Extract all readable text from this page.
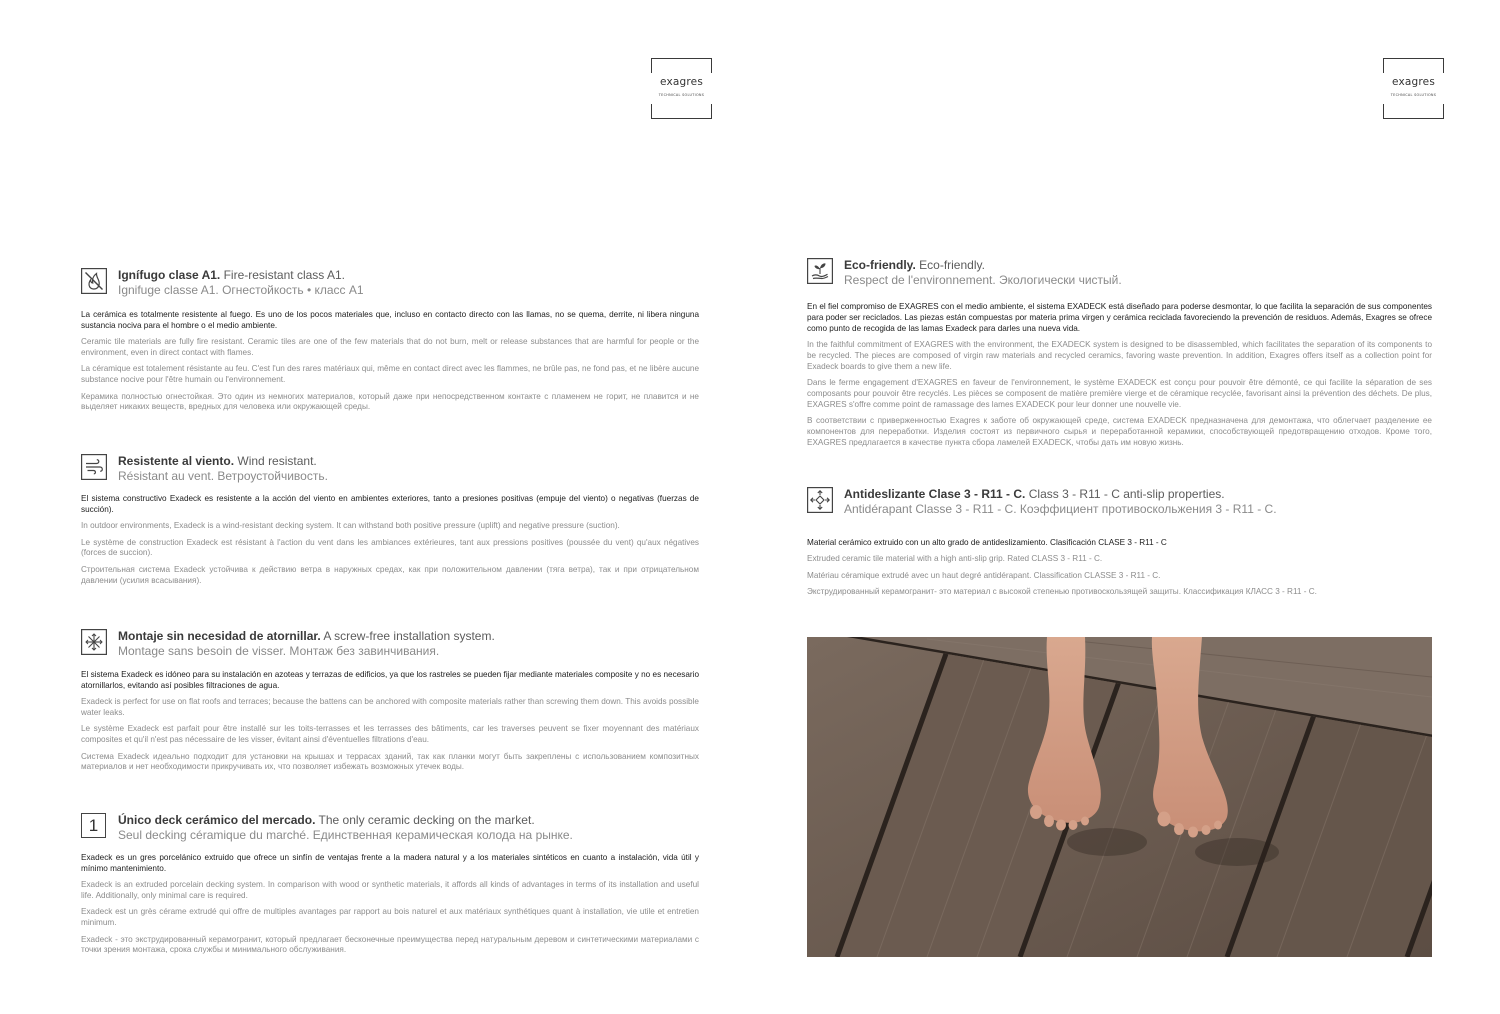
exagres
TECHNICAL SOLUTIONS
exagres
TECHNICAL SOLUTIONS
Ignífugo clase A1. Fire-resistant class A1.
Ignifuge classe A1. Огнестойкость • класс A1

La cerámica es totalmente resistente al fuego. Es uno de los pocos materiales que, incluso en contacto directo con las llamas, no se quema, derrite, ni libera ninguna sustancia nociva para el hombre o el medio ambiente.

Ceramic tile materials are fully fire resistant. Ceramic tiles are one of the few materials that do not burn, melt or release substances that are harmful for people or the environment, even in direct contact with flames.

La céramique est totalement résistante au feu. C'est l'un des rares matériaux qui, même en contact direct avec les flammes, ne brûle pas, ne fond pas, et ne libère aucune substance nocive pour l'être humain ou l'environnement.

Керамика полностью огнестойкая. Это один из немногих материалов, который даже при непосредственном контакте с пламенем не горит, не плавится и не выделяет никаких веществ, вредных для человека или окружающей среды.

Resistente al viento. Wind resistant.
Résistant au vent. Ветроустойчивость.

El sistema constructivo Exadeck es resistente a la acción del viento en ambientes exteriores, tanto a presiones positivas (empuje del viento) o negativas (fuerzas de succión).

In outdoor environments, Exadeck is a wind-resistant decking system. It can withstand both positive pressure (uplift) and negative pressure (suction).

Le système de construction Exadeck est résistant à l'action du vent dans les ambiances extérieures, tant aux pressions positives (poussée du vent) qu'aux négatives (forces de succion).

Строительная система Exadeck устойчива к действию ветра в наружных средах, как при положительном давлении (тяга ветра), так и при отрицательном давлении (усилия всасывания).

Montaje sin necesidad de atornillar. A screw-free installation system.
Montage sans besoin de visser. Монтаж без завинчивания.

El sistema Exadeck es idóneo para su instalación en azoteas y terrazas de edificios, ya que los rastreles se pueden fijar mediante materiales composite y no es necesario atornillarlos, evitando así posibles filtraciones de agua.

Exadeck is perfect for use on flat roofs and terraces; because the battens can be anchored with composite materials rather than screwing them down. This avoids possible water leaks.

Le système Exadeck est parfait pour être installé sur les toits-terrasses et les terrasses des bâtiments, car les traverses peuvent se fixer moyennant des matériaux composites et qu'il n'est pas nécessaire de les visser, évitant ainsi d'éventuelles filtrations d'eau.

Система Exadeck идеально подходит для установки на крышах и террасах зданий, так как планки могут быть закреплены с использованием композитных материалов и нет необходимости прикручивать их, что позволяет избежать возможных утечек воды.

1	Único deck cerámico del mercado. The only ceramic decking on the market.
Seul decking céramique du marché. Единственная керамическая колода на рынке.

Exadeck es un gres porcelánico extruido que ofrece un sinfín de ventajas frente a la madera natural y a los materiales sintéticos en cuanto a instalación, vida útil y mínimo mantenimiento.

Exadeck is an extruded porcelain decking system. In comparison with wood or synthetic materials, it affords all kinds of advantages in terms of its installation and useful life. Additionally, only minimal care is required.

Exadeck est un grès cérame extrudé qui offre de multiples avantages par rapport au bois naturel et aux matériaux synthétiques quant à installation, vie utile et entretien minimum.

Exadeck - это экструдированный керамогранит, который предлагает бесконечные преимущества перед натуральным деревом и синтетическими материалами с точки зрения монтажа, срока службы и минимального обслуживания.

Eco-friendly. Eco-friendly.
Respect de l'environnement. Экологически чистый.

En el fiel compromiso de EXAGRES con el medio ambiente, el sistema EXADECK está diseñado para poderse desmontar, lo que facilita la separación de sus componentes para poder ser reciclados. Las piezas están compuestas por materia prima virgen y cerámica reciclada favoreciendo la prevención de residuos. Además, Exagres se ofrece como punto de recogida de las lamas Exadeck para darles una nueva vida.

In the faithful commitment of EXAGRES with the environment, the EXADECK system is designed to be disassembled, which facilitates the separation of its components to be recycled. The pieces are composed of virgin raw materials and recycled ceramics, favoring waste prevention. In addition, Exagres offers itself as a collection point for Exadeck boards to give them a new life.

Dans le ferme engagement d'EXAGRES en faveur de l'environnement, le système EXADECK est conçu pour pouvoir être démonté, ce qui facilite la séparation de ses composants pour pouvoir être recyclés. Les pièces se composent de matière première vierge et de céramique recyclée, favorisant ainsi la prévention des déchets. De plus, EXAGRES s'offre comme point de ramassage des lames EXADECK pour leur donner une nouvelle vie.

В соответствии с приверженностью Exagres к заботе об окружающей среде, система EXADECK предназначена для демонтажа, что облегчает разделение ее компонентов для переработки. Изделия состоят из первичного сырья и переработанной керамики, способствующей предотвращению отходов. Кроме того, EXAGRES предлагается в качестве пункта сбора ламелей EXADECK, чтобы дать им новую жизнь.

Antideslizante Clase 3 - R11 - C. Class 3 - R11 - C anti-slip properties.
Antidérapant Classe 3 - R11 - C. Коэффициент противоскольжения 3 - R11 - C.

Material cerámico extruido con un alto grado de antideslizamiento. Clasificación CLASE 3 - R11 - C

Extruded ceramic tile material with a high anti-slip grip. Rated CLASS 3 - R11 - C.

Matériau céramique extrudé avec un haut degré antidérapant. Classification CLASSE 3 - R11 - C.

Экструдированный керамогранит- это материал с высокой степенью противоскользящей защиты. Классификация КЛАСС 3 - R11 - C.
